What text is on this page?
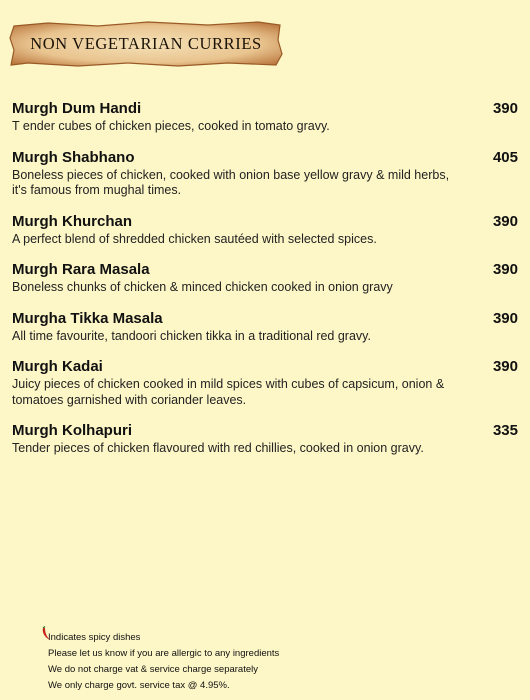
NON VEGETARIAN CURRIES
Murgh Dum Handi	390
T ender cubes of chicken pieces, cooked in tomato gravy.
Murgh Shabhano	405
Boneless pieces of chicken, cooked with onion base yellow gravy & mild herbs, it's famous from mughal times.
Murgh Khurchan	390
A perfect blend of shredded chicken sautéed with selected spices.
Murgh Rara Masala	390
Boneless chunks of chicken & minced chicken cooked in onion gravy
Murgha Tikka Masala	390
All time favourite, tandoori chicken tikka in a traditional red gravy.
Murgh Kadai	390
Juicy pieces of chicken cooked in mild spices with cubes of capsicum, onion & tomatoes garnished with coriander leaves.
Murgh Kolhapuri	335
Tender pieces of chicken flavoured with red chillies, cooked in onion gravy.
Indicates spicy dishes
Please let us know if you are allergic to any ingredients
We do not charge vat & service charge separately
We only charge govt. service tax @ 4.95%.
